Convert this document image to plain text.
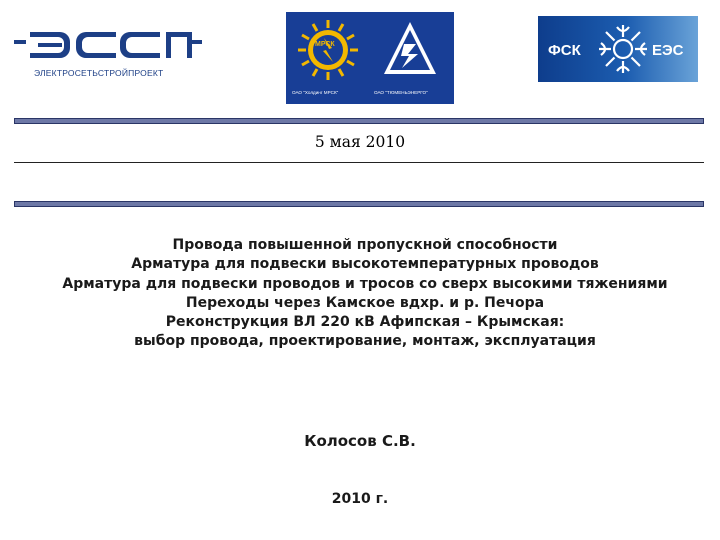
ЭЛЕКТРОСЕТЬСТРОЙПРОЕКТ
МРСК
ОАО "Холдинг МРСК"	ОАО "ТЮМЕНЬЭНЕРГО"
ФСК	ЕЭС
5 мая 2010
Провода повышенной пропускной способности
Арматура для подвески высокотемпературных проводов
Арматура для подвески проводов и тросов со сверх высокими тяжениями
Переходы через Камское вдхр. и р. Печора
Реконструкция ВЛ 220 кВ Афипская – Крымская:
выбор провода, проектирование, монтаж, эксплуатация
Колосов С.В.
2010 г.
